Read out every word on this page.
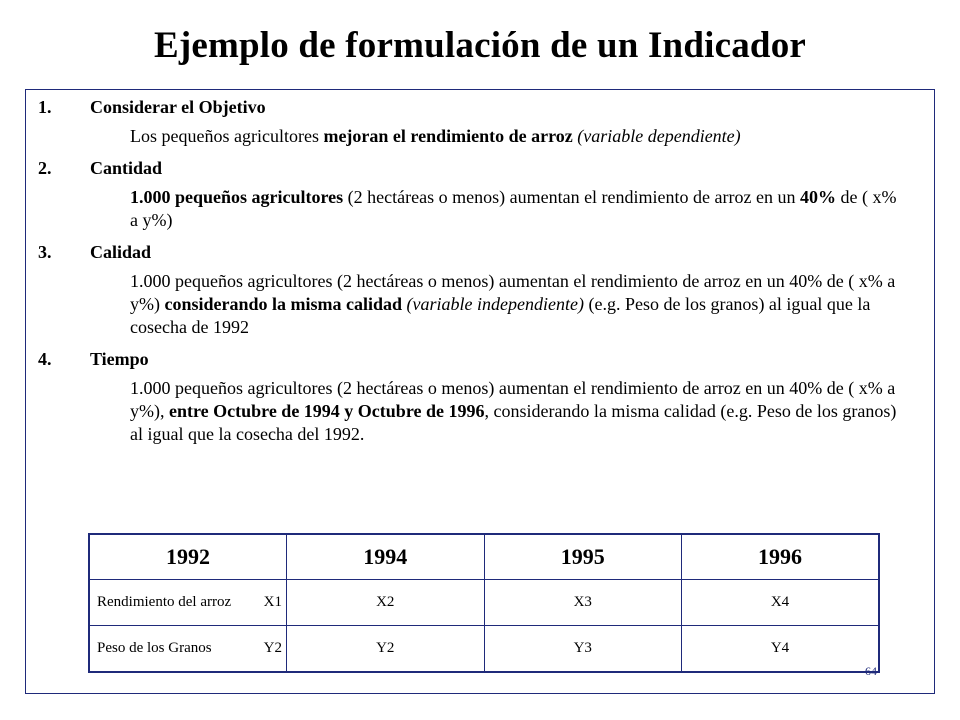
Ejemplo de formulación de un Indicador
1.	Considerar el Objetivo
Los pequeños agricultores mejoran el rendimiento de arroz (variable dependiente)
2.	Cantidad
1.000 pequeños agricultores (2 hectáreas o menos) aumentan el rendimiento de arroz en un 40% de ( x% a y%)
3.	Calidad
1.000 pequeños agricultores (2 hectáreas o menos) aumentan el rendimiento de arroz en un 40% de ( x% a y%) considerando la misma calidad (variable independiente) (e.g. Peso de los granos) al igual que la cosecha de 1992
4.	Tiempo
1.000 pequeños agricultores (2 hectáreas o menos) aumentan el rendimiento de arroz en un 40% de ( x% a y%), entre Octubre de 1994 y Octubre de 1996, considerando la misma calidad (e.g. Peso de los granos) al igual que la cosecha del 1992.
1992	1994	1995	1996
Rendimiento del arroz X1	X2	X3	X4
Peso de los Granos Y2	Y2	Y3	Y4
64
